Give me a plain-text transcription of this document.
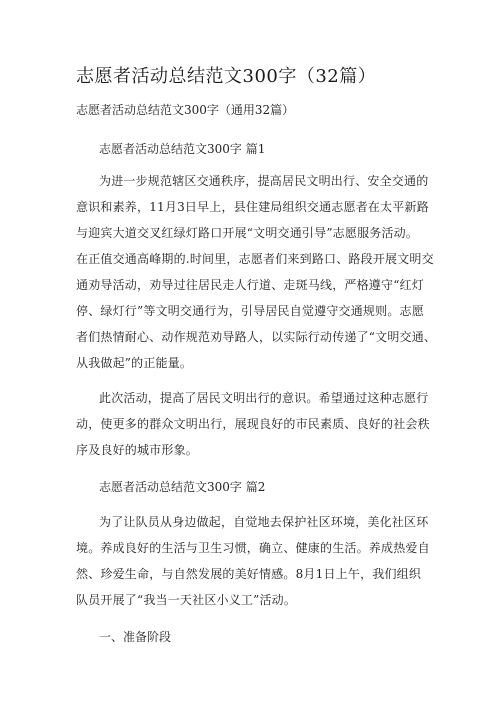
志愿者活动总结范文300字（32篇）
志愿者活动总结范文300字（通用32篇）
志愿者活动总结范文300字 篇1
为进一步规范辖区交通秩序，提高居民文明出行、安全交通的
意识和素养，11月3日早上，县住建局组织交通志愿者在太平新路
与迎宾大道交叉红绿灯路口开展“文明交通引导”志愿服务活动。
在正值交通高峰期的.时间里，志愿者们来到路口、路段开展文明交
通劝导活动，劝导过往居民走人行道、走斑马线，严格遵守“红灯
停、绿灯行”等文明交通行为，引导居民自觉遵守交通规则。志愿
者们热情耐心、动作规范劝导路人，以实际行动传递了“文明交通、
从我做起”的正能量。
此次活动，提高了居民文明出行的意识。希望通过这种志愿行
动，使更多的群众文明出行，展现良好的市民素质、良好的社会秩
序及良好的城市形象。
志愿者活动总结范文300字 篇2
为了让队员从身边做起，自觉地去保护社区环境，美化社区环
境。养成良好的生活与卫生习惯，确立、健康的生活。养成热爱自
然、珍爱生命，与自然发展的美好情感。8月1日上午，我们组织
队员开展了“我当一天社区小义工”活动。
一、准备阶段
